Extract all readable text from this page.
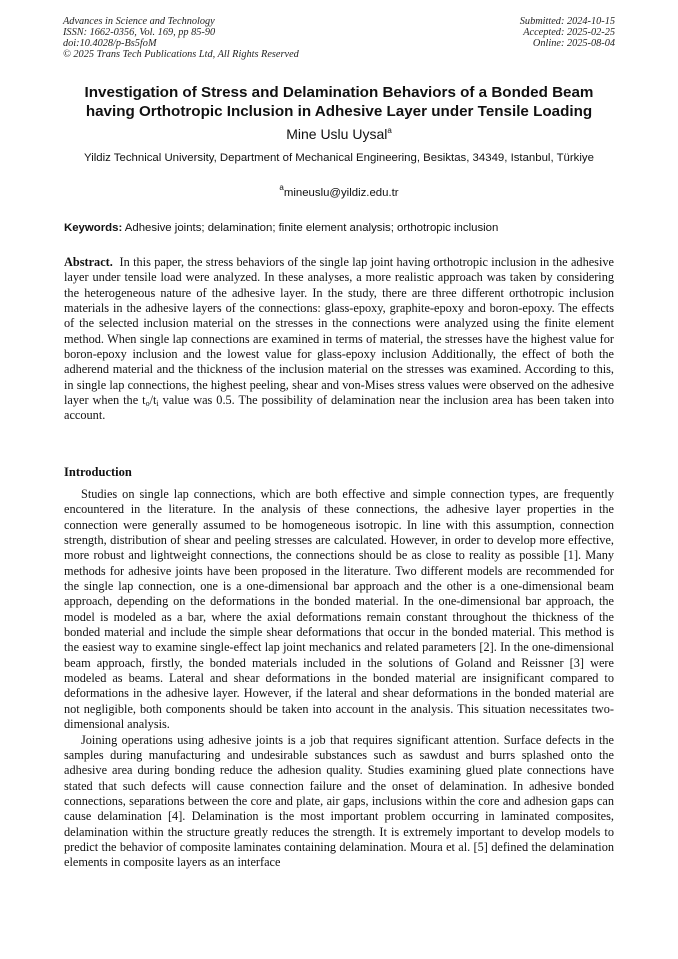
Advances in Science and Technology
ISSN: 1662-0356, Vol. 169, pp 85-90
doi:10.4028/p-Bs5foM
© 2025 Trans Tech Publications Ltd, All Rights Reserved
Submitted: 2024-10-15
Accepted: 2025-02-25
Online: 2025-08-04
Investigation of Stress and Delamination Behaviors of a Bonded Beam having Orthotropic Inclusion in Adhesive Layer under Tensile Loading
Mine Uslu Uysal$^a$
Yildiz Technical University, Department of Mechanical Engineering, Besiktas, 34349, Istanbul, Türkiye
$^a$mineuslu@yildiz.edu.tr
Keywords: Adhesive joints; delamination; finite element analysis; orthotropic inclusion
Abstract. In this paper, the stress behaviors of the single lap joint having orthotropic inclusion in the adhesive layer under tensile load were analyzed. In these analyses, a more realistic approach was taken by considering the heterogeneous nature of the adhesive layer. In the study, there are three different orthotropic inclusion materials in the adhesive layers of the connections: glass-epoxy, graphite-epoxy and boron-epoxy. The effects of the selected inclusion material on the stresses in the connections were analyzed using the finite element method. When single lap connections are examined in terms of material, the stresses have the highest value for boron-epoxy inclusion and the lowest value for glass-epoxy inclusion Additionally, the effect of both the adherend material and the thickness of the inclusion material on the stresses was examined. According to this, in single lap connections, the highest peeling, shear and von-Mises stress values were observed on the adhesive layer when the $t_o/t_i$ value was 0.5. The possibility of delamination near the inclusion area has been taken into account.
Introduction

Studies on single lap connections, which are both effective and simple connection types, are frequently encountered in the literature. In the analysis of these connections, the adhesive layer properties in the connection were generally assumed to be homogeneous isotropic. In line with this assumption, connection strength, distribution of shear and peeling stresses are calculated. However, in order to develop more effective, more robust and lightweight connections, the connections should be as close to reality as possible [1]. Many methods for adhesive joints have been proposed in the literature. Two different models are recommended for the single lap connection, one is a one-dimensional bar approach and the other is a one-dimensional beam approach, depending on the deformations in the bonded material. In the one-dimensional bar approach, the model is modeled as a bar, where the axial deformations remain constant throughout the thickness of the bonded material and include the simple shear deformations that occur in the bonded material. This method is the easiest way to examine single-effect lap joint mechanics and related parameters [2]. In the one-dimensional beam approach, firstly, the bonded materials included in the solutions of Goland and Reissner [3] were modeled as beams. Lateral and shear deformations in the bonded material are insignificant compared to deformations in the adhesive layer. However, if the lateral and shear deformations in the bonded material are not negligible, both components should be taken into account in the analysis. This situation necessitates two-dimensional analysis.

Joining operations using adhesive joints is a job that requires significant attention. Surface defects in the samples during manufacturing and undesirable substances such as sawdust and burrs splashed onto the adhesive area during bonding reduce the adhesion quality. Studies examining glued plate connections have stated that such defects will cause connection failure and the onset of delamination. In adhesive bonded connections, separations between the core and plate, air gaps, inclusions within the core and adhesion gaps can cause delamination [4]. Delamination is the most important problem occurring in laminated composites, delamination within the structure greatly reduces the strength. It is extremely important to develop models to predict the behavior of composite laminates containing delamination. Moura et al. [5] defined the delamination elements in composite layers as an interface
